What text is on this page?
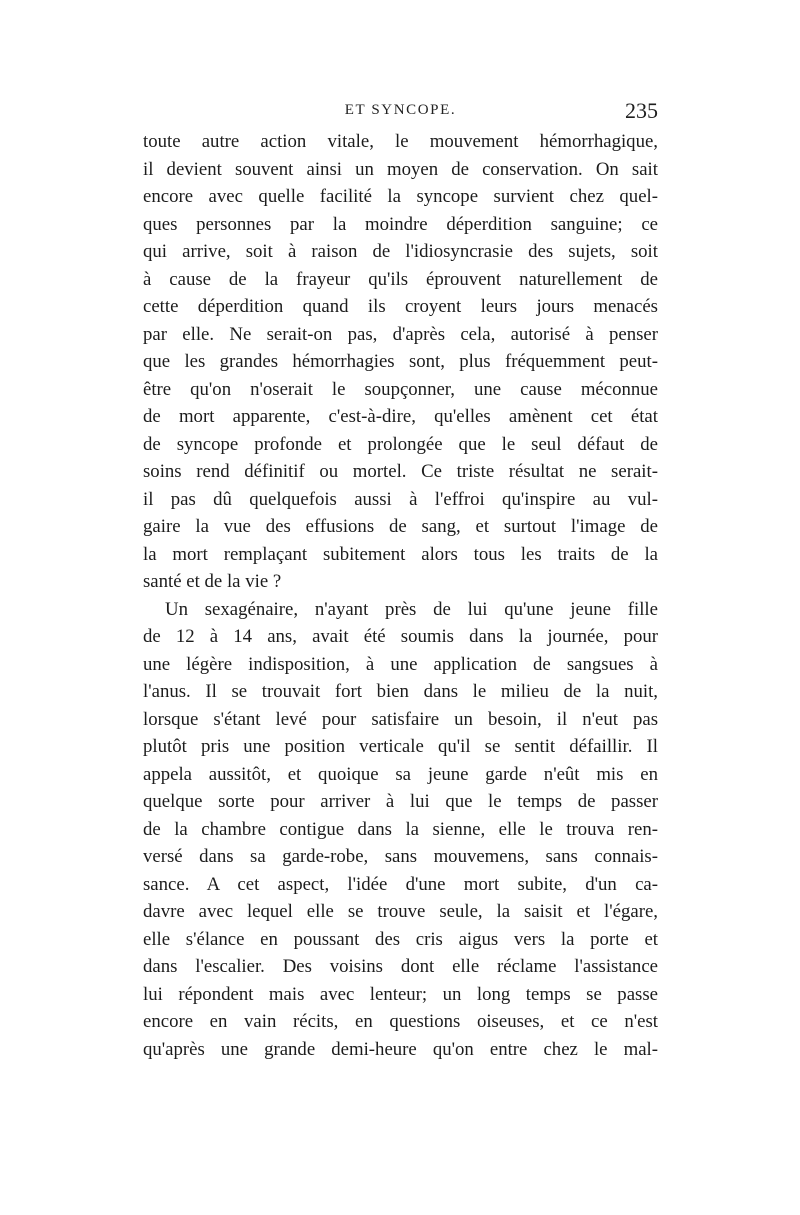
ET SYNCOPE.	235
toute autre action vitale, le mouvement hémorrhagique,
il devient souvent ainsi un moyen de conservation. On sait
encore avec quelle facilité la syncope survient chez quel-
ques personnes par la moindre déperdition sanguine; ce
qui arrive, soit à raison de l'idiosyncrasie des sujets, soit
à cause de la frayeur qu'ils éprouvent naturellement de
cette déperdition quand ils croyent leurs jours menacés
par elle. Ne serait-on pas, d'après cela, autorisé à penser
que les grandes hémorrhagies sont, plus fréquemment peut-
être qu'on n'oserait le soupçonner, une cause méconnue
de mort apparente, c'est-à-dire, qu'elles amènent cet état
de syncope profonde et prolongée que le seul défaut de
soins rend définitif ou mortel. Ce triste résultat ne serait-
il pas dû quelquefois aussi à l'effroi qu'inspire au vul-
gaire la vue des effusions de sang, et surtout l'image de
la mort remplaçant subitement alors tous les traits de la
santé et de la vie ?
Un sexagénaire, n'ayant près de lui qu'une jeune fille
de 12 à 14 ans, avait été soumis dans la journée, pour
une légère indisposition, à une application de sangsues à
l'anus. Il se trouvait fort bien dans le milieu de la nuit,
lorsque s'étant levé pour satisfaire un besoin, il n'eut pas
plutôt pris une position verticale qu'il se sentit défaillir. Il
appela aussitôt, et quoique sa jeune garde n'eût mis en
quelque sorte pour arriver à lui que le temps de passer
de la chambre contigue dans la sienne, elle le trouva ren-
versé dans sa garde-robe, sans mouvemens, sans connais-
sance. A cet aspect, l'idée d'une mort subite, d'un ca-
davre avec lequel elle se trouve seule, la saisit et l'égare,
elle s'élance en poussant des cris aigus vers la porte et
dans l'escalier. Des voisins dont elle réclame l'assistance
lui répondent mais avec lenteur; un long temps se passe
encore en vain récits, en questions oiseuses, et ce n'est
qu'après une grande demi-heure qu'on entre chez le mal-
